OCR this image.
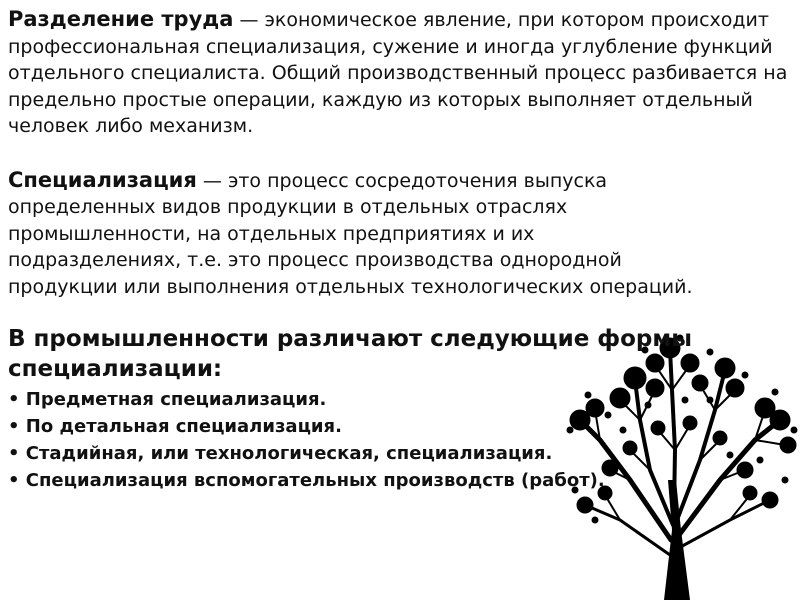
Разделение труда — экономическое явление, при котором происходит профессиональная специализация, сужение и иногда углубление функций отдельного специалиста. Общий производственный процесс разбивается на предельно простые операции, каждую из которых выполняет отдельный человек либо механизм.

Специализация — это процесс сосредоточения выпуска определенных видов продукции в отдельных отраслях промышленности, на отдельных предприятиях и их подразделениях, т.е. это процесс производства однородной продукции или выполнения отдельных технологических операций.

В промышленности различают следующие формы специализации:
• Предметная специализация.
• По детальная специализация.
• Стадийная, или технологическая, специализация.
• Специализация вспомогательных производств (работ).
